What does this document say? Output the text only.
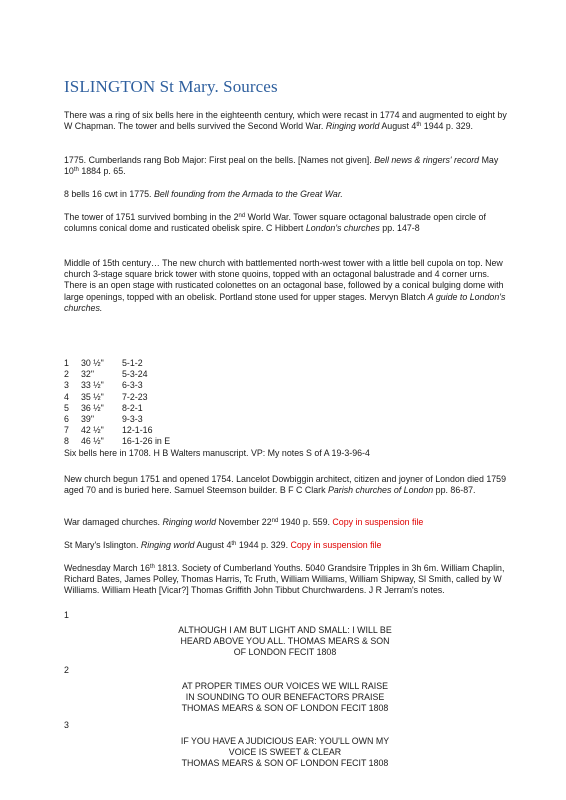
ISLINGTON St Mary. Sources

There was a ring of six bells here in the eighteenth century, which were recast in 1774 and augmented to eight by W Chapman. The tower and bells survived the Second World War. Ringing world August 4th 1944 p. 329.

1775. Cumberlands rang Bob Major: First peal on the bells. [Names not given]. Bell news & ringers' record May 10th 1884 p. 65.

8 bells 16 cwt in 1775. Bell founding from the Armada to the Great War.

The tower of 1751 survived bombing in the 2nd World War. Tower square octagonal balustrade open circle of columns conical dome and rusticated obelisk spire. C Hibbert London's churches pp. 147-8

Middle of 15th century… The new church with battlemented north-west tower with a little bell cupola on top. New church 3-stage square brick tower with stone quoins, topped with an octagonal balustrade and 4 corner urns. There is an open stage with rusticated colonettes on an octagonal base, followed by a conical bulging dome with large openings, topped with an obelisk. Portland stone used for upper stages. Mervyn Blatch A guide to London's churches.

1	30 ½"	5-1-2
2	32"	5-3-24
3	33 ½"	6-3-3
4	35 ½"	7-2-23
5	36 ½"	8-2-1
6	39"	9-3-3
7	42 ½"	12-1-16
8	46 ½"	16-1-26 in E
Six bells here in 1708. H B Walters manuscript. VP: My notes S of A 19-3-96-4

New church begun 1751 and opened 1754. Lancelot Dowbiggin architect, citizen and joyner of London died 1759 aged 70 and is buried here. Samuel Steemson builder. B F C Clark Parish churches of London pp. 86-87.

War damaged churches. Ringing world November 22nd 1940 p. 559. Copy in suspension file

St Mary's Islington. Ringing world August 4th 1944 p. 329. Copy in suspension file

Wednesday March 16th 1813. Society of Cumberland Youths. 5040 Grandsire Tripples in 3h 6m. William Chaplin, Richard Bates, James Polley, Thomas Harris, Tc Fruth, William Williams, William Shipway, Sl Smith, called by W Williams. William Heath [Vicar?] Thomas Griffith John Tibbut Churchwardens. J R Jerram's notes.

1

ALTHOUGH I AM BUT LIGHT AND SMALL: I WILL BE
HEARD ABOVE YOU ALL. THOMAS MEARS & SON
OF LONDON FECIT 1808

2

AT PROPER TIMES OUR VOICES WE WILL RAISE
IN SOUNDING TO OUR BENEFACTORS PRAISE
THOMAS MEARS & SON OF LONDON FECIT 1808

3

IF YOU HAVE A JUDICIOUS EAR: YOU'LL OWN MY
VOICE IS SWEET & CLEAR
THOMAS MEARS & SON OF LONDON FECIT 1808
